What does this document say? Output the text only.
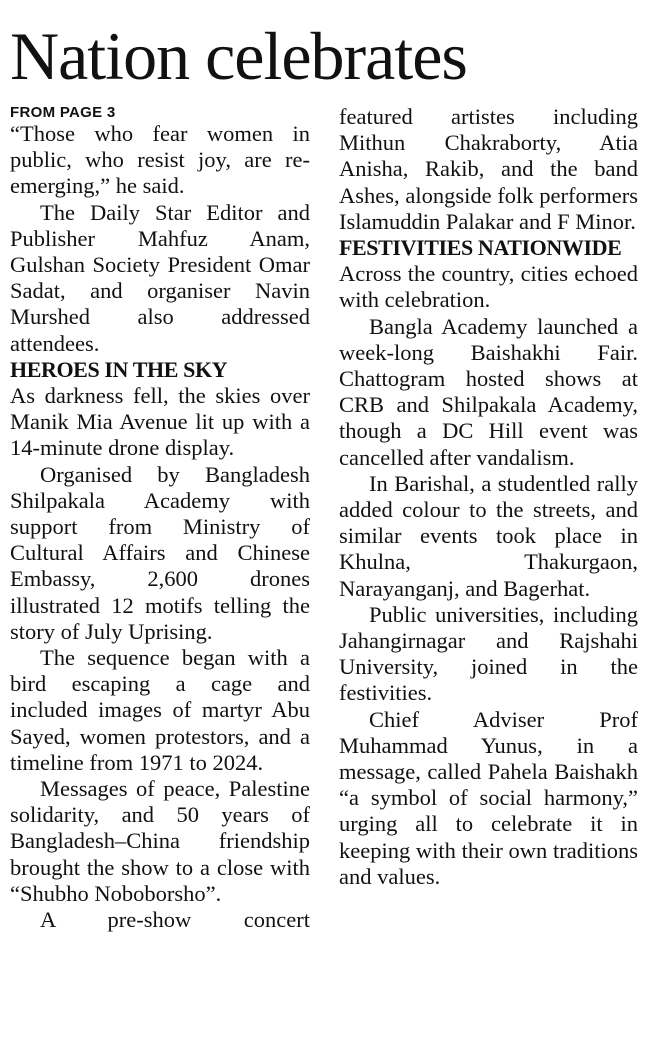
Nation celebrates
FROM PAGE 3

“Those who fear women in public, who resist joy, are reemerging,” he said.

The Daily Star Editor and Publisher Mahfuz Anam, Gulshan Society President Omar Sadat, and organiser Navin Murshed also addressed attendees.

HEROES IN THE SKY

As darkness fell, the skies over Manik Mia Avenue lit up with a 14-minute drone display.

Organised by Bangladesh Shilpakala Academy with support from Ministry of Cultural Affairs and Chinese Embassy, 2,600 drones illustrated 12 motifs telling the story of July Uprising.

The sequence began with a bird escaping a cage and included images of martyr Abu Sayed, women protestors, and a timeline from 1971 to 2024.

Messages of peace, Palestine solidarity, and 50 years of Bangladesh–China friendship brought the show to a close with “Shubho Noboborsho”.

A pre-show concert

featured artistes including Mithun Chakraborty, Atia Anisha, Rakib, and the band Ashes, alongside folk performers Islamuddin Palakar and F Minor.

FESTIVITIES NATIONWIDE

Across the country, cities echoed with celebration.

Bangla Academy launched a week-long Baishakhi Fair. Chattogram hosted shows at CRB and Shilpakala Academy, though a DC Hill event was cancelled after vandalism.

In Barishal, a studentled rally added colour to the streets, and similar events took place in Khulna, Thakurgaon, Narayanganj, and Bagerhat.

Public universities, including Jahangirnagar and Rajshahi University, joined in the festivities.

Chief Adviser Prof Muhammad Yunus, in a message, called Pahela Baishakh “a symbol of social harmony,” urging all to celebrate it in keeping with their own traditions and values.
